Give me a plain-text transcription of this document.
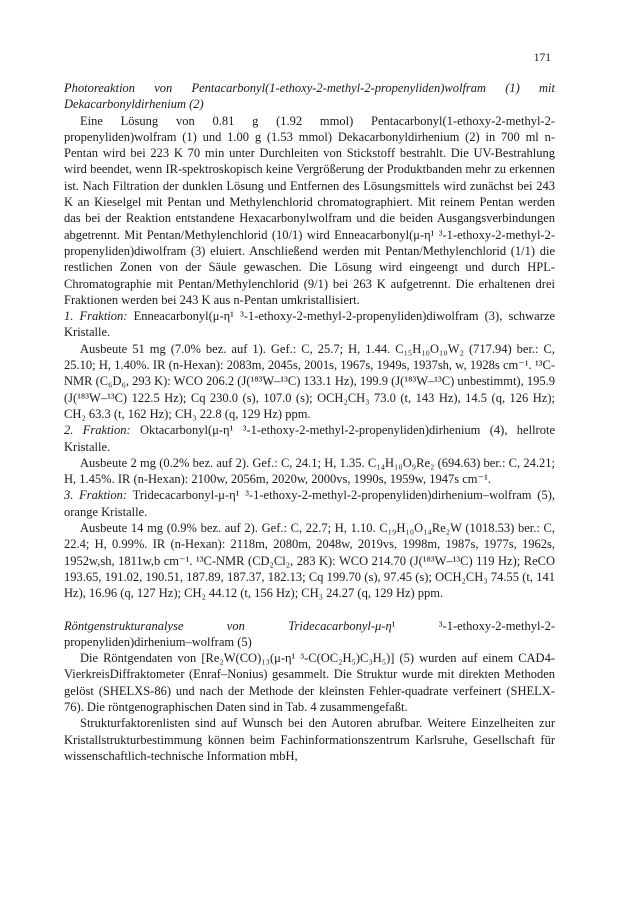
171

Photoreaktion von Pentacarbonyl(1-ethoxy-2-methyl-2-propenyliden)wolfram (1) mit Dekacarbonyldirhenium (2)

Eine Lösung von 0.81 g (1.92 mmol) Pentacarbonyl(1-ethoxy-2-methyl-2-propenyliden)wolfram (1) und 1.00 g (1.53 mmol) Dekacarbonyldirhenium (2) in 700 ml n-Pentan wird bei 223 K 70 min unter Durchleiten von Stickstoff bestrahlt. Die UV-Bestrahlung wird beendet, wenn IR-spektroskopisch keine Vergrößerung der Produktbanden mehr zu erkennen ist. Nach Filtration der dunklen Lösung und Entfernen des Lösungsmittels wird zunächst bei 243 K an Kieselgel mit Pentan und Methylenchlorid chromatographiert. Mit reinem Pentan werden das bei der Reaktion entstandene Hexacarbonylwolfram und die beiden Ausgangsverbindungen abgetrennt. Mit Pentan/Methylenchlorid (10/1) wird Enneacarbonyl(μ-η¹ ³-1-ethoxy-2-methyl-2-propenyliden)diwolfram (3) eluiert. Anschließend werden mit Pentan/Methylenchlorid (1/1) die restlichen Zonen von der Säule gewaschen. Die Lösung wird eingeengt und durch HPL-Chromatographie mit Pentan/Methylenchlorid (9/1) bei 263 K aufgetrennt. Die erhaltenen drei Fraktionen werden bei 243 K aus n-Pentan umkristallisiert.

1. Fraktion: Enneacarbonyl(μ-η¹ ³-1-ethoxy-2-methyl-2-propenyliden)diwolfram (3), schwarze Kristalle.

Ausbeute 51 mg (7.0% bez. auf 1). Gef.: C, 25.7; H, 1.44. C₁₅H₁₀O₁₀W₂ (717.94) ber.: C, 25.10; H, 1.40%. IR (n-Hexan): 2083m, 2045s, 2001s, 1967s, 1949s, 1937sh, w, 1928s cm⁻¹. ¹³C-NMR (C₆D₆, 293 K): WCO 206.2 (J(¹⁸³W–¹³C) 133.1 Hz), 199.9 (J(¹⁸³W–¹³C) unbestimmt), 195.9 (J(¹⁸³W–¹³C) 122.5 Hz); Cq 230.0 (s), 107.0 (s); OCH₂CH₃ 73.0 (t, 143 Hz), 14.5 (q, 126 Hz); CH₂ 63.3 (t, 162 Hz); CH₃ 22.8 (q, 129 Hz) ppm.

2. Fraktion: Oktacarbonyl(μ-η¹ ³-1-ethoxy-2-methyl-2-propenyliden)dirhenium (4), hellrote Kristalle.

Ausbeute 2 mg (0.2% bez. auf 2). Gef.: C, 24.1; H, 1.35. C₁₄H₁₀O₉Re₂ (694.63) ber.: C, 24.21; H, 1.45%. IR (n-Hexan): 2100w, 2056m, 2020w, 2000vs, 1990s, 1959w, 1947s cm⁻¹.

3. Fraktion: Tridecacarbonyl-μ-η¹ ³-1-ethoxy-2-methyl-2-propenyliden)dirhenium–wolfram (5), orange Kristalle.

Ausbeute 14 mg (0.9% bez. auf 2). Gef.: C, 22.7; H, 1.10. C₁₉H₁₀O₁₄Re₂W (1018.53) ber.: C, 22.4; H, 0.99%. IR (n-Hexan): 2118m, 2080m, 2048w, 2019vs, 1998m, 1987s, 1977s, 1962s, 1952w,sh, 1811w,b cm⁻¹. ¹³C-NMR (CD₂Cl₂, 283 K): WCO 214.70 (J(¹⁸³W–¹³C) 119 Hz); ReCO 193.65, 191.02, 190.51, 187.89, 187.37, 182.13; Cq 199.70 (s), 97.45 (s); OCH₂CH₃ 74.55 (t, 141 Hz), 16.96 (q, 127 Hz); CH₂ 44.12 (t, 156 Hz); CH₃ 24.27 (q, 129 Hz) ppm.

Röntgenstrukturanalyse von Tridecacarbonyl-μ-η¹ ³-1-ethoxy-2-methyl-2-propenyliden)dirhenium–wolfram (5)

Die Röntgendaten von [Re₂W(CO)₁₃(μ-η¹ ³-C(OC₂H₅)C₃H₅)] (5) wurden auf einem CAD4-VierkreisDiffraktometer (Enraf–Nonius) gesammelt. Die Struktur wurde mit direkten Methoden gelöst (SHELXS-86) und nach der Methode der kleinsten Fehler-quadrate verfeinert (SHELX-76). Die röntgenographischen Daten sind in Tab. 4 zusammengefaßt.

Strukturfaktorenlisten sind auf Wunsch bei den Autoren abrufbar. Weitere Einzelheiten zur Kristallstrukturbestimmung können beim Fachinformationszentrum Karlsruhe, Gesellschaft für wissenschaftlich-technische Information mbH,
